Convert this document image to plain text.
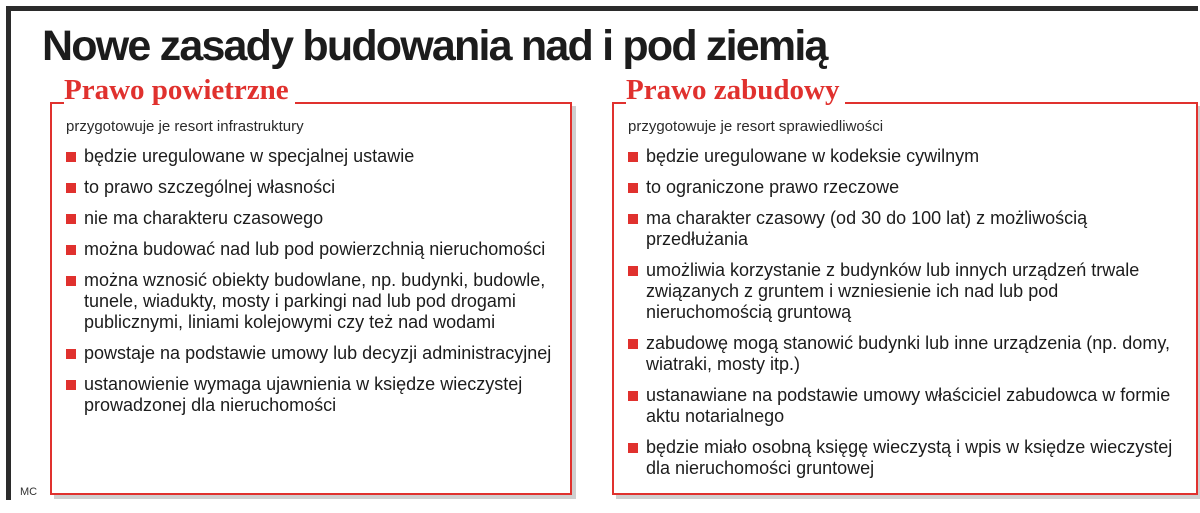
Nowe zasady budowania nad i pod ziemią
Prawo powietrzne

przygotowuje je resort infrastruktury

będzie uregulowane w specjalnej ustawie
to prawo szczególnej własności
nie ma charakteru czasowego
można budować nad lub pod powierzchnią nieruchomości
można wznosić obiekty budowlane, np. budynki, budowle, tunele, wiadukty, mosty i parkingi nad lub pod drogami publicznymi, liniami kolejowymi czy też nad wodami
powstaje na podstawie umowy lub decyzji administracyjnej
ustanowienie wymaga ujawnienia w księdze wieczystej prowadzonej dla nieruchomości
Prawo zabudowy

przygotowuje je resort sprawiedliwości

będzie uregulowane w kodeksie cywilnym
to ograniczone prawo rzeczowe
ma charakter czasowy (od 30 do 100 lat) z możliwością przedłużania
umożliwia korzystanie z budynków lub innych urządzeń trwale związanych z gruntem i wzniesienie ich nad lub pod nieruchomością gruntową
zabudowę mogą stanowić budynki lub inne urządzenia (np. domy, wiatraki, mosty itp.)
ustanawiane na podstawie umowy właściciel zabudowca w formie aktu notarialnego
będzie miało osobną księgę wieczystą i wpis w księdze wieczystej dla nieruchomości gruntowej
MC
